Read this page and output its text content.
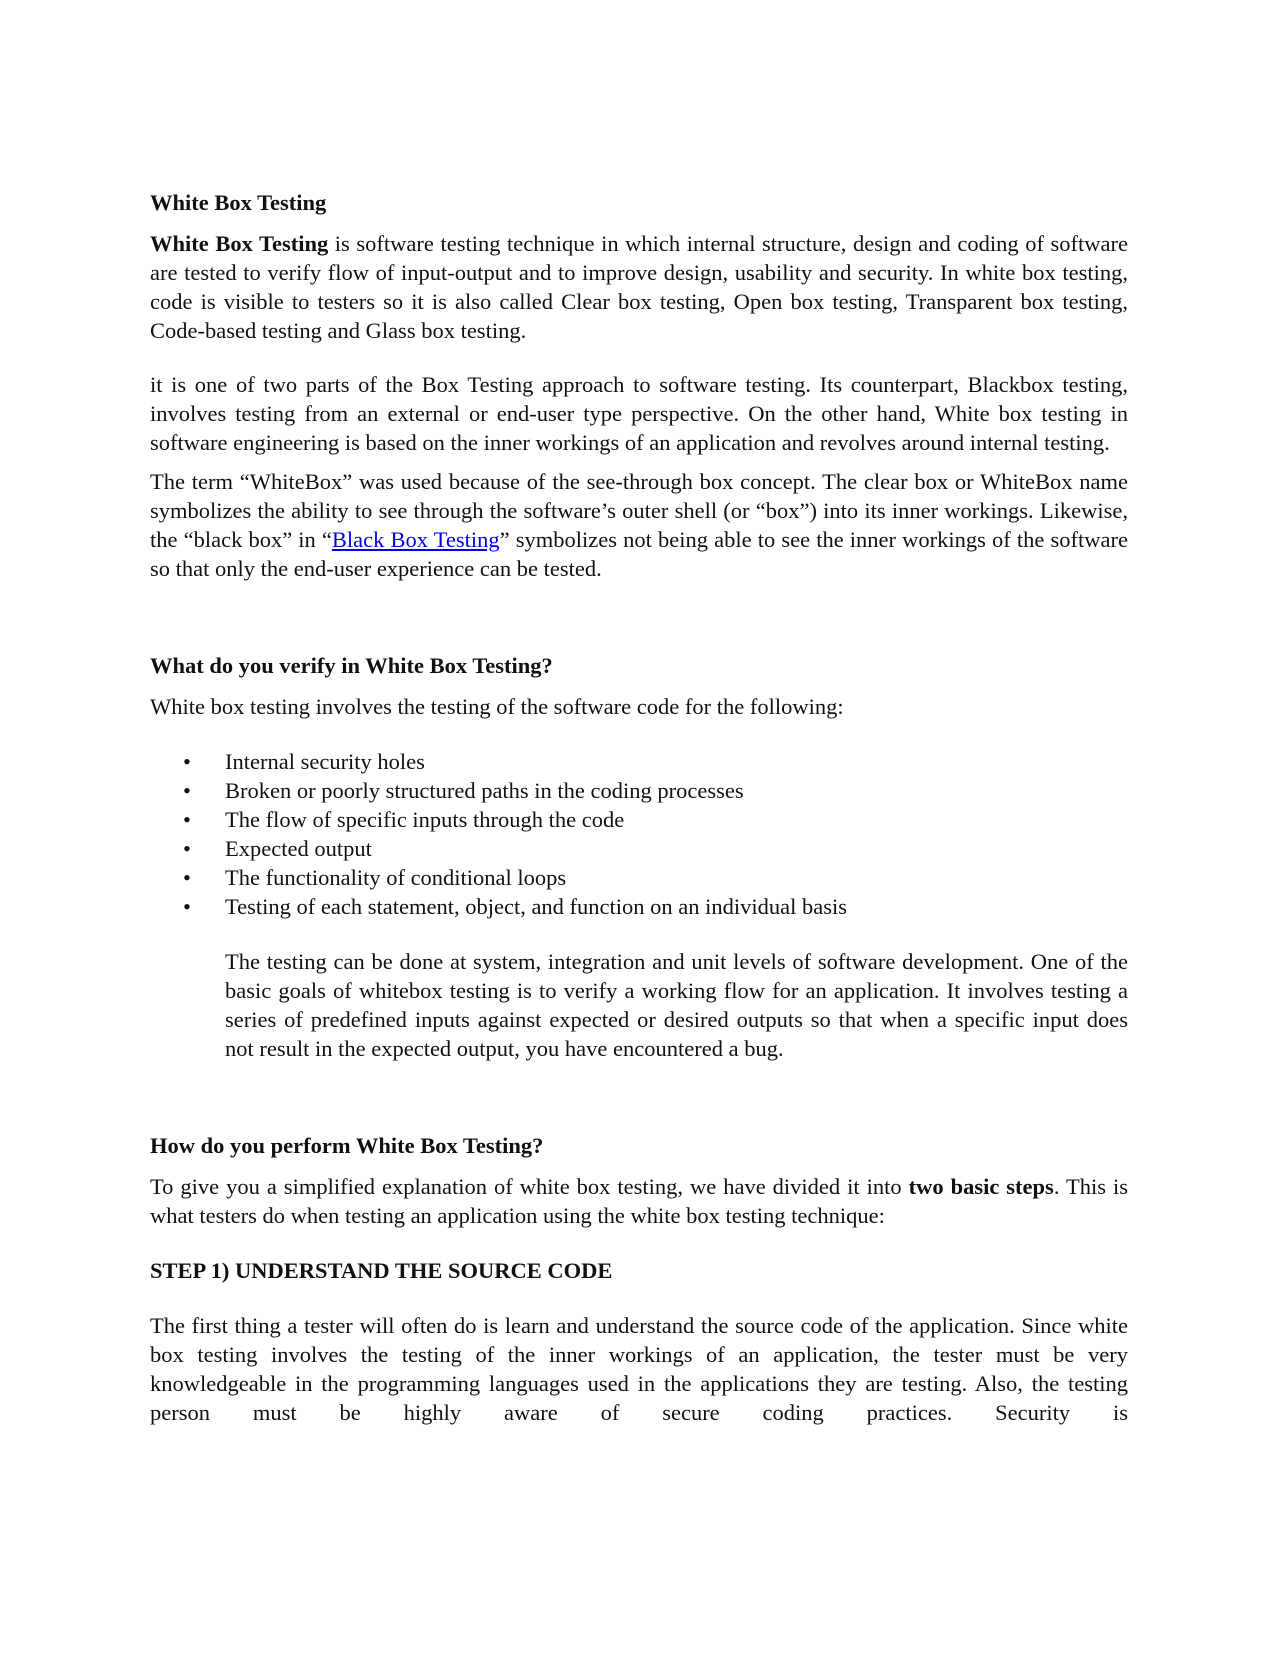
White Box Testing

White Box Testing is software testing technique in which internal structure, design and coding of software are tested to verify flow of input-output and to improve design, usability and security. In white box testing, code is visible to testers so it is also called Clear box testing, Open box testing, Transparent box testing, Code-based testing and Glass box testing.

it is one of two parts of the Box Testing approach to software testing. Its counterpart, Blackbox testing, involves testing from an external or end-user type perspective. On the other hand, White box testing in software engineering is based on the inner workings of an application and revolves around internal testing.

The term “WhiteBox” was used because of the see-through box concept. The clear box or WhiteBox name symbolizes the ability to see through the software’s outer shell (or “box”) into its inner workings. Likewise, the “black box” in “Black Box Testing” symbolizes not being able to see the inner workings of the software so that only the end-user experience can be tested.

What do you verify in White Box Testing?

White box testing involves the testing of the software code for the following:

• Internal security holes
• Broken or poorly structured paths in the coding processes
• The flow of specific inputs through the code
• Expected output
• The functionality of conditional loops
• Testing of each statement, object, and function on an individual basis

The testing can be done at system, integration and unit levels of software development. One of the basic goals of whitebox testing is to verify a working flow for an application. It involves testing a series of predefined inputs against expected or desired outputs so that when a specific input does not result in the expected output, you have encountered a bug.

How do you perform White Box Testing?

To give you a simplified explanation of white box testing, we have divided it into two basic steps. This is what testers do when testing an application using the white box testing technique:

STEP 1) UNDERSTAND THE SOURCE CODE

The first thing a tester will often do is learn and understand the source code of the application. Since white box testing involves the testing of the inner workings of an application, the tester must be very knowledgeable in the programming languages used in the applications they are testing. Also, the testing person must be highly aware of secure coding practices. Security is
